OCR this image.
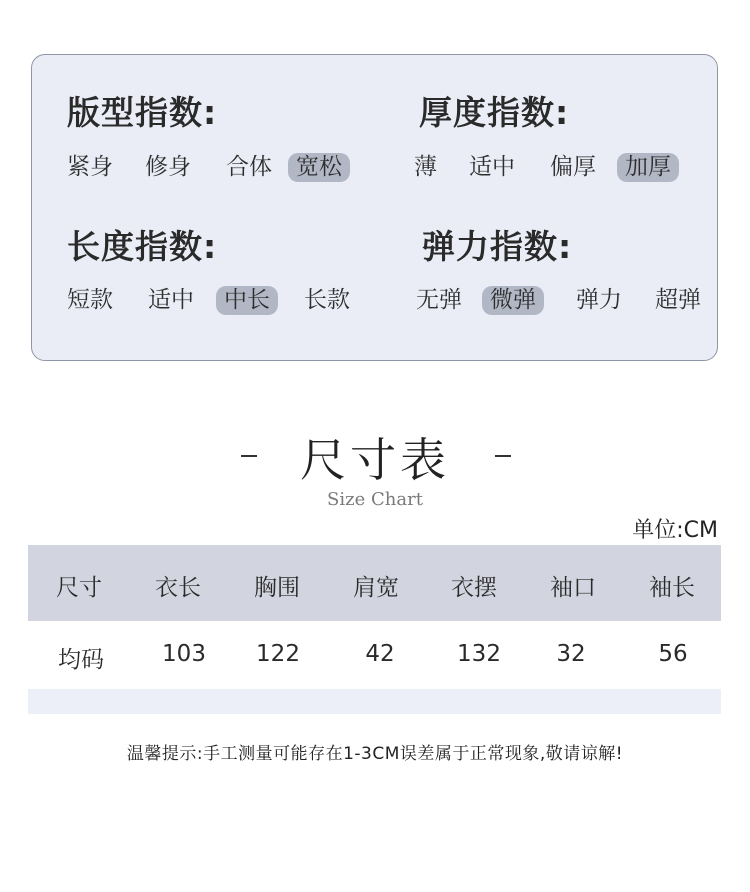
版型指数:
紧身 修身 合体	宽松
厚度指数:
薄 适中 偏厚	加厚
长度指数:
短款 适中	中长	长款
弹力指数:
无弹	微弹	弹力 超弹
尺寸表
Size Chart
单位:CM
尺寸	衣长	胸围	肩宽	衣摆	袖口	袖长
均码	103	122	42	132	32	56
温馨提示:手工测量可能存在1-3CM误差属于正常现象,敬请谅解!
